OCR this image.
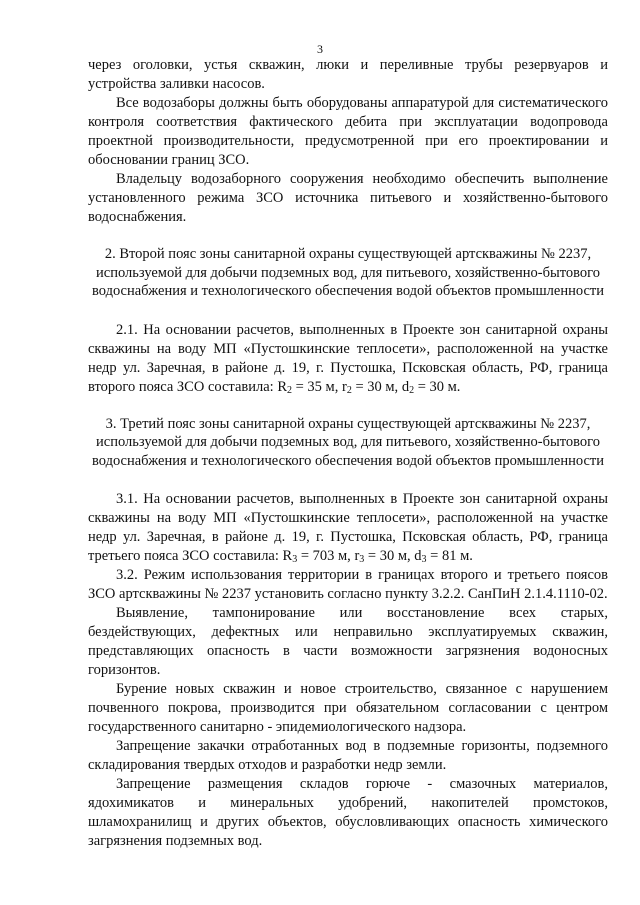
3

через оголовки, устья скважин, люки и переливные трубы резервуаров и устройства заливки насосов.

Все водозаборы должны быть оборудованы аппаратурой для систематического контроля соответствия фактического дебита при эксплуатации водопровода проектной производительности, предусмотренной при его проектировании и обосновании границ ЗСО.

Владельцу водозаборного сооружения необходимо обеспечить выполнение установленного режима ЗСО источника питьевого и хозяйственно-бытового водоснабжения.

2. Второй пояс зоны санитарной охраны существующей артскважины № 2237, используемой для добычи подземных вод, для питьевого, хозяйственно-бытового водоснабжения и технологического обеспечения водой объектов промышленности

2.1. На основании расчетов, выполненных в Проекте зон санитарной охраны скважины на воду МП «Пустошкинские теплосети», расположенной на участке недр ул. Заречная, в районе д. 19, г. Пустошка, Псковская область, РФ, граница второго пояса ЗСО составила: $R_2 = 35$ м, $r_2 = 30$ м, $d_2 = 30$ м.

3. Третий пояс зоны санитарной охраны существующей артскважины № 2237, используемой для добычи подземных вод, для питьевого, хозяйственно-бытового водоснабжения и технологического обеспечения водой объектов промышленности

3.1. На основании расчетов, выполненных в Проекте зон санитарной охраны скважины на воду МП «Пустошкинские теплосети», расположенной на участке недр ул. Заречная, в районе д. 19, г. Пустошка, Псковская область, РФ, граница третьего пояса ЗСО составила: $R_3 = 703$ м, $r_3 = 30$ м, $d_3 = 81$ м.

3.2. Режим использования территории в границах второго и третьего поясов ЗСО артскважины № 2237 установить согласно пункту 3.2.2. СанПиН 2.1.4.1110-02.

Выявление, тампонирование или восстановление всех старых, бездействующих, дефектных или неправильно эксплуатируемых скважин, представляющих опасность в части возможности загрязнения водоносных горизонтов.

Бурение новых скважин и новое строительство, связанное с нарушением почвенного покрова, производится при обязательном согласовании с центром государственного санитарно - эпидемиологического надзора.

Запрещение закачки отработанных вод в подземные горизонты, подземного складирования твердых отходов и разработки недр земли.

Запрещение размещения складов горюче - смазочных материалов, ядохимикатов и минеральных удобрений, накопителей промстоков, шламохранилищ и других объектов, обусловливающих опасность химического загрязнения подземных вод.
